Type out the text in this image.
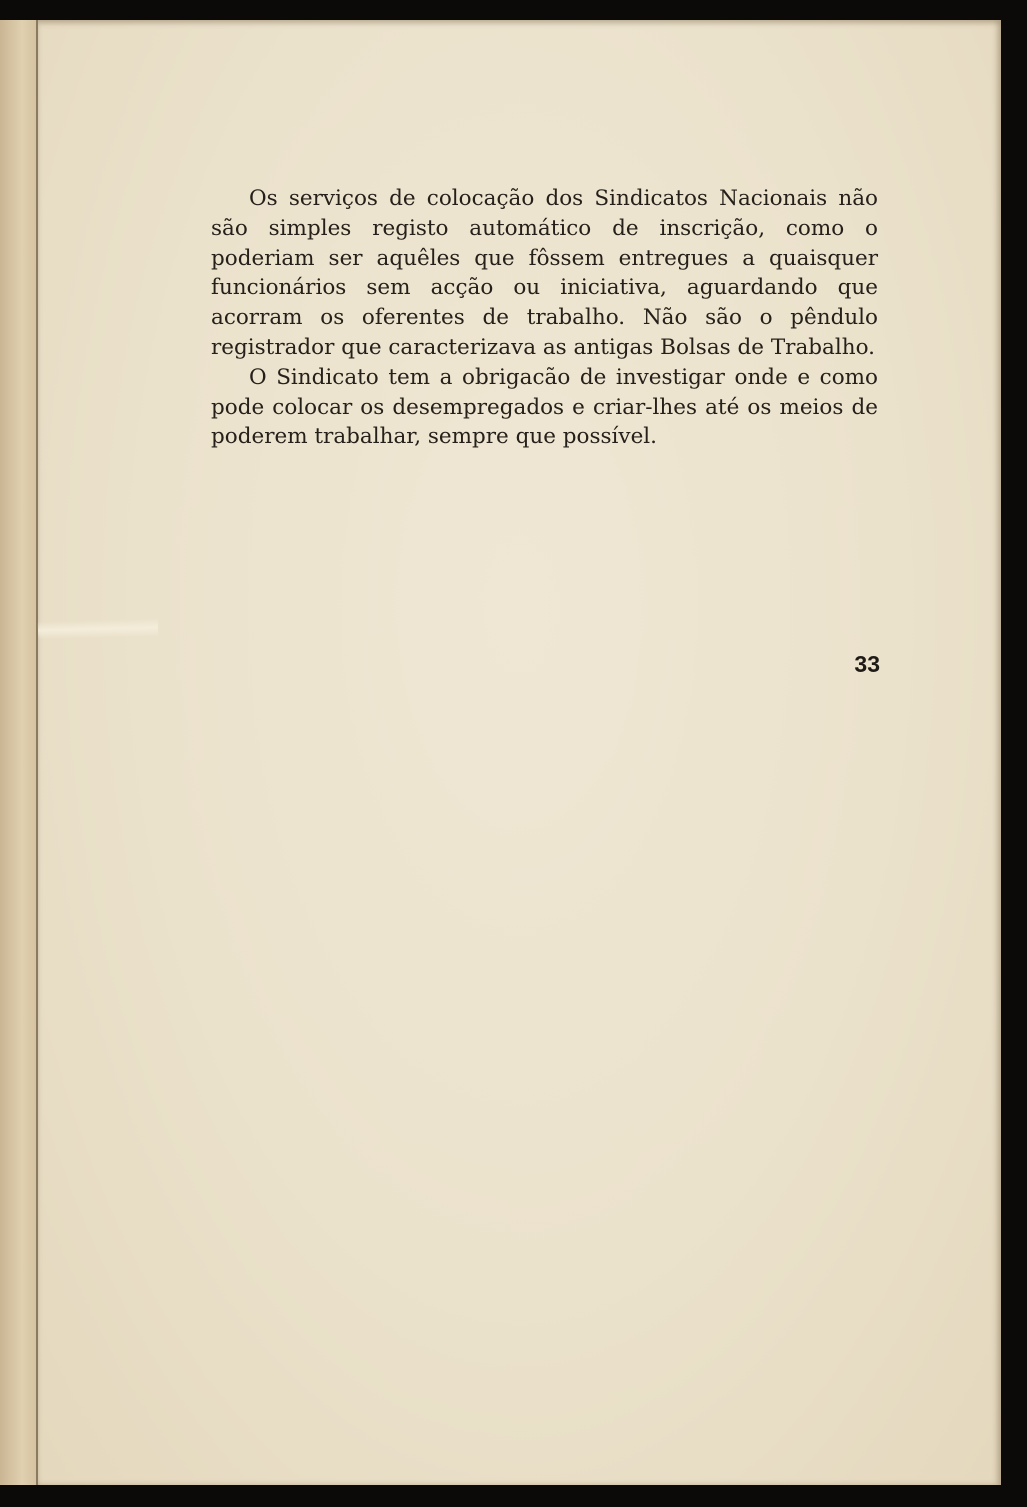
Os serviços de colocação dos Sindicatos Nacionais não são simples registo automático de inscrição, como o poderiam ser aquêles que fôssem entregues a quaisquer funcionários sem acção ou iniciativa, aguardando que acorram os oferentes de trabalho. Não são o pêndulo registrador que caracterizava as antigas Bolsas de Trabalho.

O Sindicato tem a obrigacão de investigar onde e como pode colocar os desempregados e criar-lhes até os meios de poderem trabalhar, sempre que possível.

33
